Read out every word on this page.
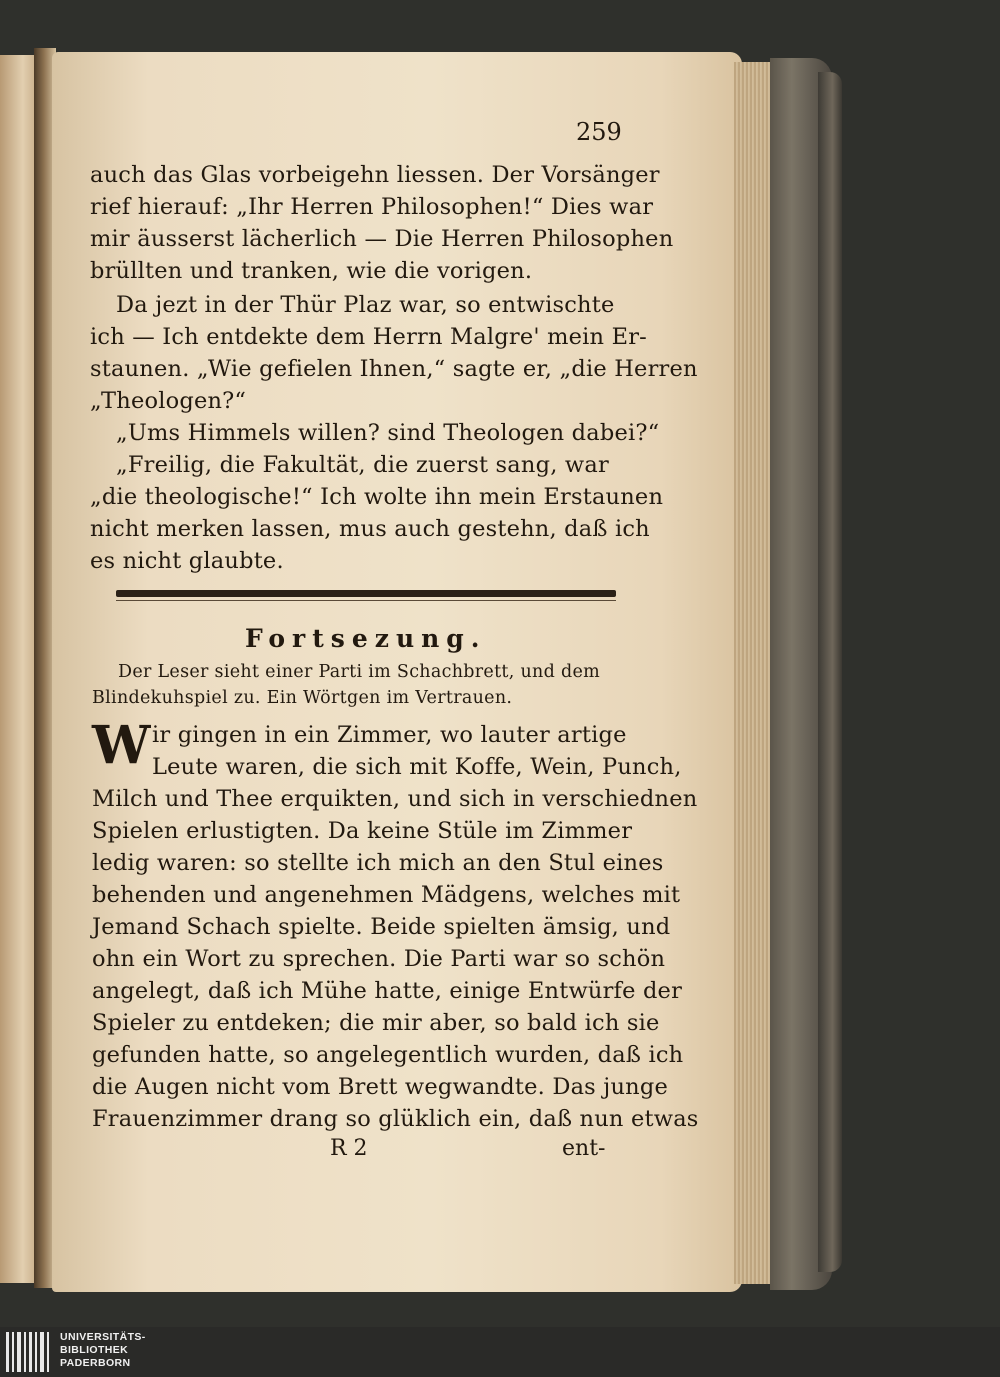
259
auch das Glas vorbeigehn liessen. Der Vorsänger
rief hierauf: „Ihr Herren Philosophen!“ Dies war
mir äusserst lächerlich — Die Herren Philosophen
brüllten und tranken, wie die vorigen.
Da jezt in der Thür Plaz war, so entwischte
ich — Ich entdekte dem Herrn Malgre' mein Er-
staunen. „Wie gefielen Ihnen,“ sagte er, „die Herren
„Theologen?“
„Ums Himmels willen? sind Theologen dabei?“
„Freilig, die Fakultät, die zuerst sang, war
„die theologische!“ Ich wolte ihn mein Erstaunen
nicht merken lassen, mus auch gestehn, daß ich
es nicht glaubte.
Fortsezung.
Der Leser sieht einer Parti im Schachbrett, und dem
Blindekuhspiel zu. Ein Wörtgen im Vertrauen.
W ir gingen in ein Zimmer, wo lauter artige
Leute waren, die sich mit Koffe, Wein, Punch,
Milch und Thee erquikten, und sich in verschiednen
Spielen erlustigten. Da keine Stüle im Zimmer
ledig waren: so stellte ich mich an den Stul eines
behenden und angenehmen Mädgens, welches mit
Jemand Schach spielte. Beide spielten ämsig, und
ohn ein Wort zu sprechen. Die Parti war so schön
angelegt, daß ich Mühe hatte, einige Entwürfe der
Spieler zu entdeken; die mir aber, so bald ich sie
gefunden hatte, so angelegentlich wurden, daß ich
die Augen nicht vom Brett wegwandte. Das junge
Frauenzimmer drang so glüklich ein, daß nun etwas
R 2	ent-
UNIVERSITÄTS-
BIBLIOTHEK
PADERBORN
